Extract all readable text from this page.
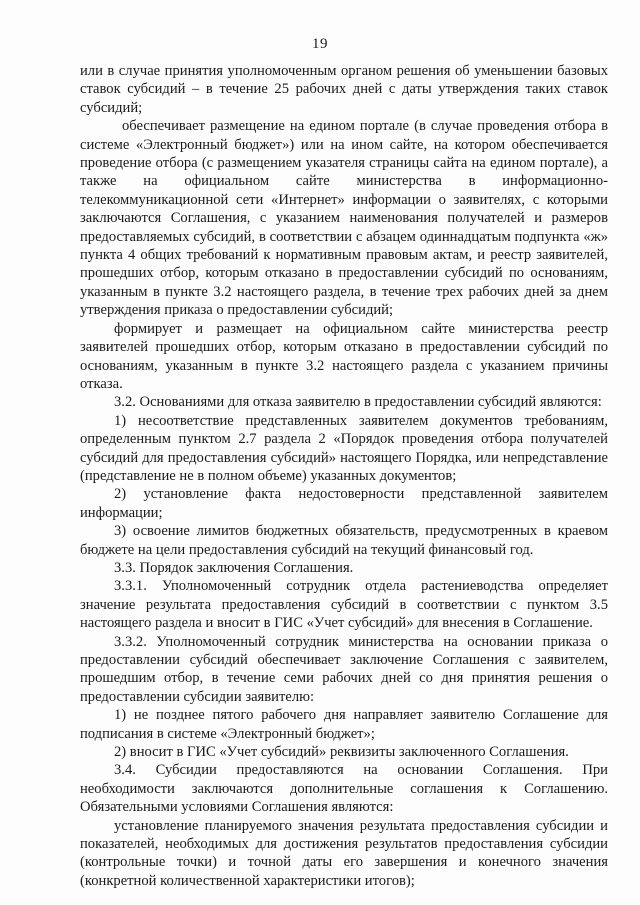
19

или в случае принятия уполномоченным органом решения об уменьшении базовых ставок субсидий – в течение 25 рабочих дней с даты утверждения таких ставок субсидий;

обеспечивает размещение на едином портале (в случае проведения отбора в системе «Электронный бюджет») или на ином сайте, на котором обеспечивается проведение отбора (с размещением указателя страницы сайта на едином портале), а также на официальном сайте министерства в информационно-телекоммуникационной сети «Интернет» информации о заявителях, с которыми заключаются Соглашения, с указанием наименования получателей и размеров предоставляемых субсидий, в соответствии с абзацем одиннадцатым подпункта «ж» пункта 4 общих требований к нормативным правовым актам, и реестр заявителей, прошедших отбор, которым отказано в предоставлении субсидий по основаниям, указанным в пункте 3.2 настоящего раздела, в течение трех рабочих дней за днем утверждения приказа о предоставлении субсидий;

формирует и размещает на официальном сайте министерства реестр заявителей прошедших отбор, которым отказано в предоставлении субсидий по основаниям, указанным в пункте 3.2 настоящего раздела с указанием причины отказа.

3.2. Основаниями для отказа заявителю в предоставлении субсидий являются:

1) несоответствие представленных заявителем документов требованиям, определенным пунктом 2.7 раздела 2 «Порядок проведения отбора получателей субсидий для предоставления субсидий» настоящего Порядка, или непредставление (представление не в полном объеме) указанных документов;

2) установление факта недостоверности представленной заявителем информации;

3) освоение лимитов бюджетных обязательств, предусмотренных в краевом бюджете на цели предоставления субсидий на текущий финансовый год.

3.3. Порядок заключения Соглашения.

3.3.1. Уполномоченный сотрудник отдела растениеводства определяет значение результата предоставления субсидий в соответствии с пунктом 3.5 настоящего раздела и вносит в ГИС «Учет субсидий» для внесения в Соглашение.

3.3.2. Уполномоченный сотрудник министерства на основании приказа о предоставлении субсидий обеспечивает заключение Соглашения с заявителем, прошедшим отбор, в течение семи рабочих дней со дня принятия решения о предоставлении субсидии заявителю:

1) не позднее пятого рабочего дня направляет заявителю Соглашение для подписания в системе «Электронный бюджет»;

2) вносит в ГИС «Учет субсидий» реквизиты заключенного Соглашения.

3.4. Субсидии предоставляются на основании Соглашения. При необходимости заключаются дополнительные соглашения к Соглашению. Обязательными условиями Соглашения являются:

установление планируемого значения результата предоставления субсидии и показателей, необходимых для достижения результатов предоставления субсидии (контрольные точки) и точной даты его завершения и конечного значения (конкретной количественной характеристики итогов);
